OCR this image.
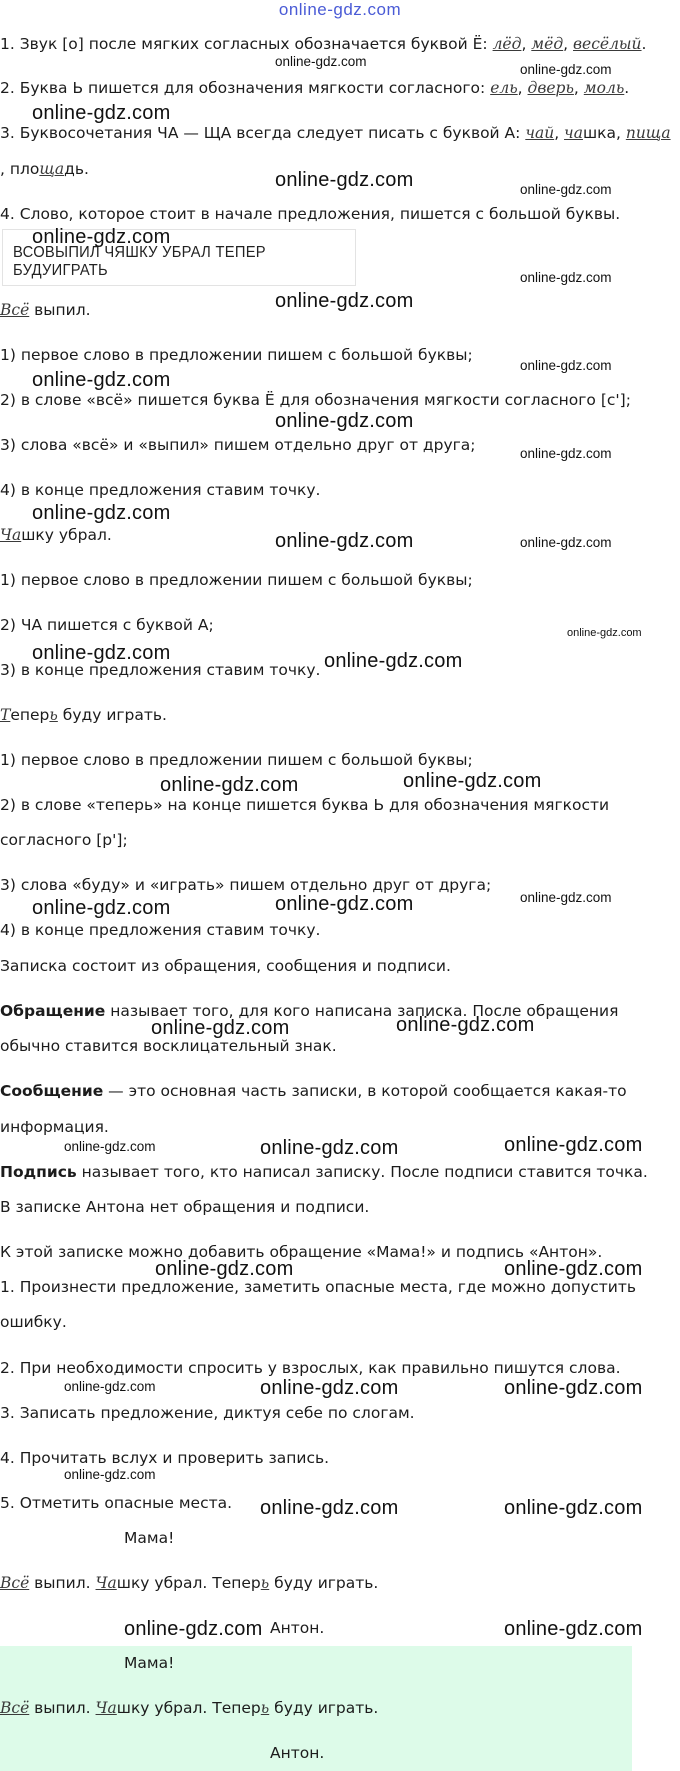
online-gdz.com
1. Звук [о] после мягких согласных обозначается буквой Ё: лёд, мёд, весёлый.
2. Буква Ь пишется для обозначения мягкости согласного: ель, дверь, моль.
3. Буквосочетания ЧА — ЩА всегда следует писать с буквой А: чай, чашка, пища
, площадь.
4. Слово, которое стоит в начале предложения, пишется с большой буквы.
ВСОВЫПИЛ ЧЯШКУ УБРАЛ ТЕПЕР БУДУИГРАТЬ
Всё выпил.
1) первое слово в предложении пишем с большой буквы;
2) в слове «всё» пишется буква Ё для обозначения мягкости согласного [с'];
3) слова «всё» и «выпил» пишем отдельно друг от друга;
4) в конце предложения ставим точку.
Чашку убрал.
1) первое слово в предложении пишем с большой буквы;
2) ЧА пишется с буквой А;
3) в конце предложения ставим точку.
Теперь буду играть.
1) первое слово в предложении пишем с большой буквы;
2) в слове «теперь» на конце пишется буква Ь для обозначения мягкости
согласного [р'];
3) слова «буду» и «играть» пишем отдельно друг от друга;
4) в конце предложения ставим точку.
Записка состоит из обращения, сообщения и подписи.
Обращение называет того, для кого написана записка. После обращения
обычно ставится восклицательный знак.
Сообщение — это основная часть записки, в которой сообщается какая-то
информация.
Подпись называет того, кто написал записку. После подписи ставится точка.
В записке Антона нет обращения и подписи.
К этой записке можно добавить обращение «Мама!» и подпись «Антон».
1. Произнести предложение, заметить опасные места, где можно допустить
ошибку.
2. При необходимости спросить у взрослых, как правильно пишутся слова.
3. Записать предложение, диктуя себе по слогам.
4. Прочитать вслух и проверить запись.
5. Отметить опасные места.
Мама!
Всё выпил. Чашку убрал. Теперь буду играть.
Антон.
Мама!
Всё выпил. Чашку убрал. Теперь буду играть.
Антон.
online-gdz.com
online-gdz.com
online-gdz.com
online-gdz.com	online-gdz.com
online-gdz.com
online-gdz.com
online-gdz.com
online-gdz.com
online-gdz.com
online-gdz.com
online-gdz.com
online-gdz.com
online-gdz.com	online-gdz.com
online-gdz.com
online-gdz.com	online-gdz.com
online-gdz.com
online-gdz.com
online-gdz.com	online-gdz.com	online-gdz.com
online-gdz.com	online-gdz.com
online-gdz.com	online-gdz.com	online-gdz.com
online-gdz.com	online-gdz.com
online-gdz.com	online-gdz.com	online-gdz.com
online-gdz.com
online-gdz.com	online-gdz.com
online-gdz.com	online-gdz.com
